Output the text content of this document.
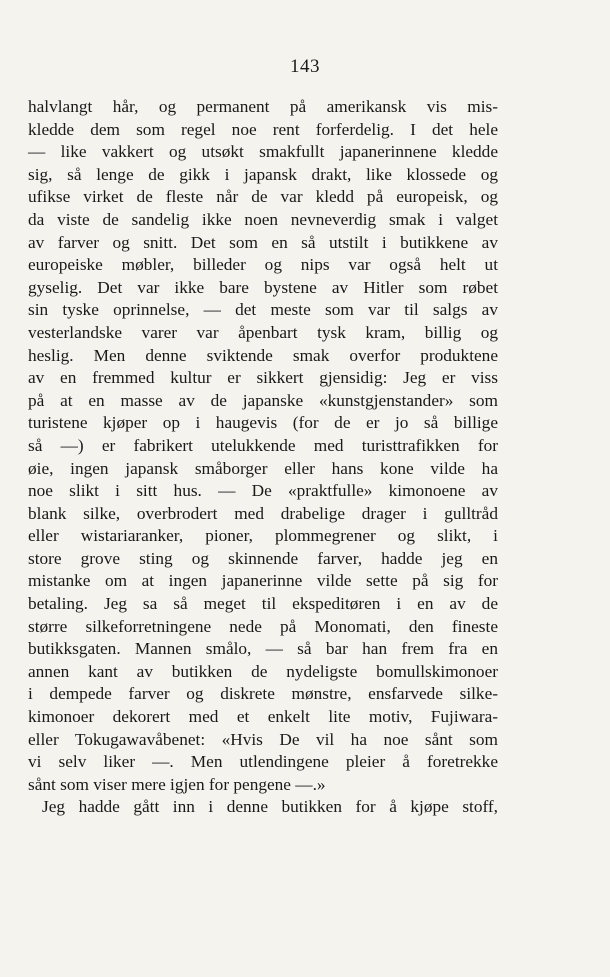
143
halvlangt hår, og permanent på amerikansk vis mis-
kledde dem som regel noe rent forferdelig. I det hele
— like vakkert og utsøkt smakfullt japanerinnene kledde
sig, så lenge de gikk i japansk drakt, like klossede og
ufikse virket de fleste når de var kledd på europeisk, og
da viste de sandelig ikke noen nevneverdig smak i valget
av farver og snitt. Det som en så utstilt i butikkene av
europeiske møbler, billeder og nips var også helt ut
gyselig. Det var ikke bare bystene av Hitler som røbet
sin tyske oprinnelse, — det meste som var til salgs av
vesterlandske varer var åpenbart tysk kram, billig og
heslig. Men denne sviktende smak overfor produktene
av en fremmed kultur er sikkert gjensidig: Jeg er viss
på at en masse av de japanske «kunstgjenstander» som
turistene kjøper op i haugevis (for de er jo så billige
så —) er fabrikert utelukkende med turisttrafikken for
øie, ingen japansk småborger eller hans kone vilde ha
noe slikt i sitt hus. — De «praktfulle» kimonoene av
blank silke, overbrodert med drabelige drager i gulltråd
eller wistariaranker, pioner, plommegrener og slikt, i
store grove sting og skinnende farver, hadde jeg en
mistanke om at ingen japanerinne vilde sette på sig for
betaling. Jeg sa så meget til ekspeditøren i en av de
større silkeforretningene nede på Monomati, den fineste
butikksgaten. Mannen smålo, — så bar han frem fra en
annen kant av butikken de nydeligste bomullskimonoer
i dempede farver og diskrete mønstre, ensfarvede silke-
kimonoer dekorert med et enkelt lite motiv, Fujiwara-
eller Tokugawavåbenet: «Hvis De vil ha noe sånt som
vi selv liker —. Men utlendingene pleier å foretrekke
sånt som viser mere igjen for pengene —.»
Jeg hadde gått inn i denne butikken for å kjøpe stoff,
